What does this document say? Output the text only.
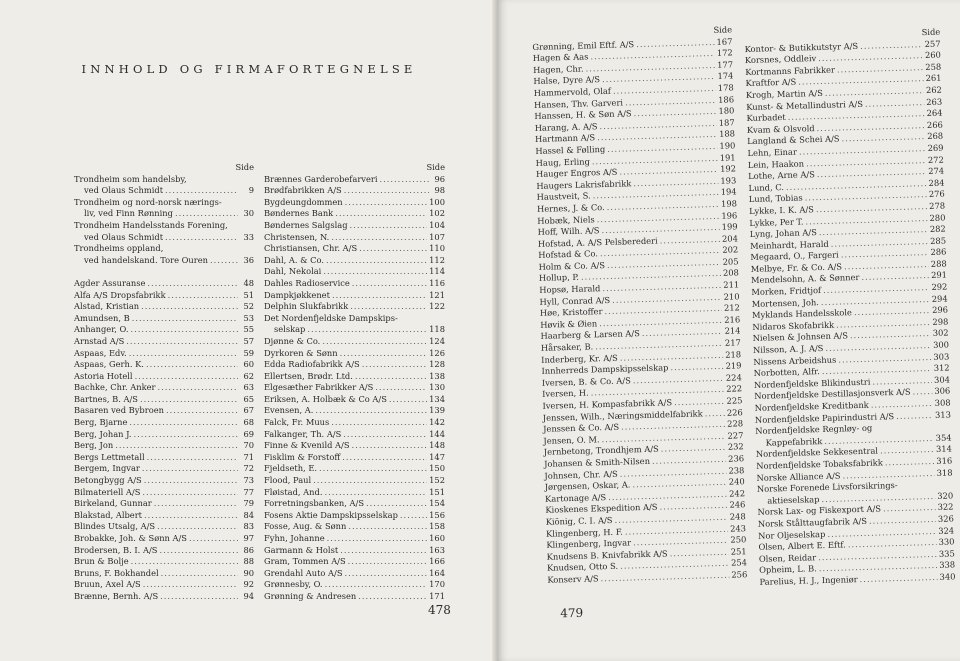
INNHOLD OG FIRMAFORTEGNELSE
Side
Trondheim som handelsby,
ved Olaus Schmidt .....	9
Trondheim og nord-norsk nærings-
liv, ved Finn Rønning .....	30
Trondheim Handelsstands Forening,
ved Olaus Schmidt .....	33
Trondheims oppland,
ved handelskand. Tore Ouren .....	36
Agder Assuranse .....	48
Alfa A/S Dropsfabrikk .....	51
Alstad, Kristian .....	52
Amundsen, B .....	53
Anhanger, O. .....	55
Arnstad A/S .....	57
Aspaas, Edv. .....	59
Aspaas, Gerh. K. .....	60
Astoria Hotell .....	62
Bachke, Chr. Anker .....	63
Bartnes, B. A/S .....	65
Basaren ved Bybroen .....	67
Berg, Bjarne .....	68
Berg, Johan J. .....	69
Berg, Jon .....	70
Bergs Lettmetall .....	71
Bergem, Ingvar .....	72
Betongbygg A/S .....	73
Bilmateriell A/S .....	77
Birkeland, Gunnar .....	79
Blakstad, Albert .....	84
Blindes Utsalg, A/S .....	83
Brobakke, Joh. & Sønn A/S .....	97
Brodersen, B. I. A/S .....	86
Brun & Bolje .....	88
Bruns, F. Bokhandel .....	90
Bruun, Axel A/S .....	92
Brænne, Bernh. A/S .....	94
Side
Brænnes Garderobefarveri .....	96
Brødfabrikken A/S .....	98
Bygdeungdommen .....	100
Bøndernes Bank .....	102
Bøndernes Salgslag .....	104
Christensen, N. .....	107
Christiansen, Chr. A/S .....	110
Dahl, A. & Co. .....	112
Dahl, Nekolai .....	114
Dahles Radioservice .....	116
Dampkjøkkenet .....	121
Delphin Slukfabrikk .....	122
Det Nordenfjeldske Dampskips-
selskap .....	118
Djønne & Co. .....	124
Dyrkoren & Sønn .....	126
Edda Radiofabrikk A/S .....	128
Ellertsen, Brødr. Ltd. .....	138
Elgesæther Fabrikker A/S .....	130
Eriksen, A. Holbæk & Co A/S .....	134
Evensen, A. .....	139
Falck, Fr. Muus .....	142
Falkanger, Th. A/S .....	144
Finne & Kvenild A/S .....	148
Fisklim & Forstoff .....	147
Fjeldseth, E. .....	150
Flood, Paul .....	152
Fløistad, And. .....	151
Forretningsbanken, A/S .....	154
Fosens Aktie Dampskipsselskap .....	156
Fosse, Aug. & Sønn .....	158
Fyhn, Johanne .....	160
Garmann & Holst .....	163
Gram, Tommen A/S .....	166
Grendahl Auto A/S .....	164
Grønnesby, O. .....	170
Grønning & Andresen .....	171
478
Side
Grønning, Emil Eftf. A/S .....	167
Hagen & Aas .....	172
Hagen, Chr. .....	177
Halse, Dyre A/S .....	174
Hammervold, Olaf .....	178
Hansen, Thv. Garveri .....	186
Hanssen, H. & Søn A/S .....	180
Harang, A. A/S .....	187
Hartmann A/S .....	188
Hassel & Følling .....	190
Haug, Erling .....	191
Hauger Engros A/S .....	192
Haugers Lakrisfabrikk .....	193
Haustveit, S. .....	194
Hernes, J. & Co. .....	198
Hobæk, Niels .....	196
Hoff, Wilh. A/S .....	199
Hofstad, A. A/S Pelsberederi .....	204
Hofstad & Co. .....	202
Holm & Co. A/S .....	205
Hollup, P. .....	208
Hopsø, Harald .....	211
Hyll, Conrad A/S .....	210
Høe, Kristoffer .....	212
Høvik & Øien .....	216
Haarberg & Larsen A/S .....	214
Hårsaker, B. .....	217
Inderberg, Kr. A/S .....	218
Innherreds Dampskipsselskap .....	219
Iversen, B. & Co. A/S .....	224
Iversen, H. .....	222
Iversen, H. Kompasfabrikk A/S .....	225
Jenssen, Wilh., Næringsmiddelfabrikk .....	226
Jenssen & Co. A/S .....	228
Jensen, O. M. .....	227
Jernbetong, Trondhjem A/S .....	232
Johansen & Smith-Nilsen .....	236
Johnsen, Chr. A/S .....	238
Jørgensen, Oskar, A. .....	240
Kartonage A/S .....	242
Kioskenes Ekspedition A/S .....	246
Kiönig, C. I. A/S .....	248
Klingenberg, H. F. .....	243
Klingenberg, Ingvar .....	250
Knudsens B. Knivfabrikk A/S .....	251
Knudsen, Otto S. .....	254
Konserv A/S .....	256
Side
Kontor- & Butikkutstyr A/S .....	257
Korsnes, Oddleiv .....	260
Kortmanns Fabrikker .....	258
Kraftfor A/S .....	261
Krogh, Martin A/S .....	262
Kunst- & Metallindustri A/S .....	263
Kurbadet .....	264
Kvam & Olsvold .....	266
Langland & Schei A/S .....	268
Lehn, Einar .....	269
Lein, Haakon .....	272
Lothe, Arne A/S .....	274
Lund, C. .....	284
Lund, Tobias .....	276
Lykke, I. K. A/S .....	278
Lykke, Per T. .....	280
Lyng, Johan A/S .....	282
Meinhardt, Harald .....	285
Megaard, O., Fargeri .....	286
Melbye, Fr. & Co. A/S .....	288
Mendelsohn, A. & Sønner .....	291
Morken, Fridtjof .....	292
Mortensen, Joh. .....	294
Myklands Handelsskole .....	296
Nidaros Skofabrikk .....	298
Nielsen & Johnsen A/S .....	302
Nilsson, A. J. A/S .....	300
Nissens Arbeidshus .....	303
Norbotten, Alfr. .....	312
Nordenfjeldske Blikindustri .....	304
Nordenfjeldske Destillasjonsverk A/S .....	306
Nordenfjeldske Kreditbank .....	308
Nordenfjeldske Papirindustri A/S .....	313
Nordenfjeldske Regnløy- og
Kappefabrikk .....	354
Nordenfjeldske Sekkesentral .....	314
Nordenfjeldske Tobaksfabrikk .....	316
Norske Alliance A/S .....	318
Norske Forenede Livsforsikrings-
aktieselskap .....	320
Norsk Lax- og Fiskexport A/S .....	322
Norsk Stålttaugfabrik A/S .....	326
Nor Oljeselskap .....	324
Olsen, Albert E. Eftf. .....	330
Olsen, Reidar .....	335
Opheim, L. B. .....	338
Parelius, H. J., Ingeniør .....	340
479
